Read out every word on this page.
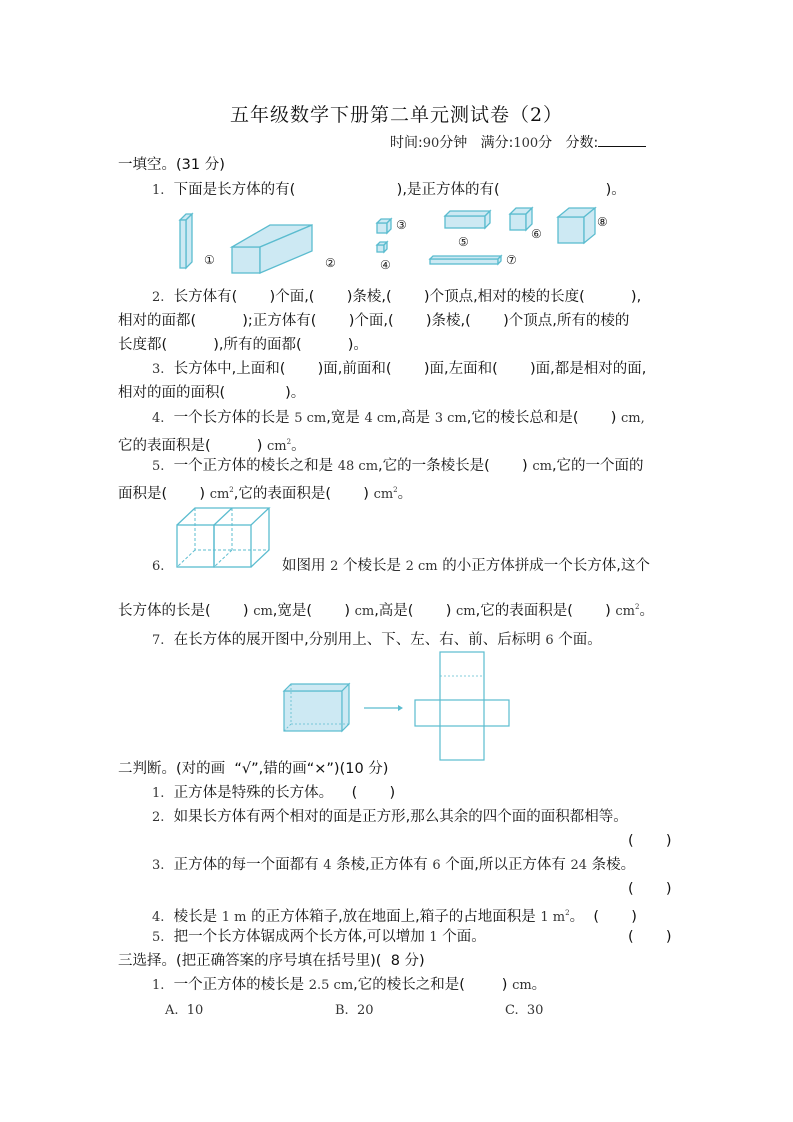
五年级数学下册第二单元测试卷（2）
时间:90分钟 满分:100分 分数:
一填空。(31 分)
1. 下面是长方体的有(                      ),是正方体的有(                       )。
①	②
③
④
⑤
⑥
⑦
⑧
2. 长方体有(       )个面,(       )条棱,(       )个顶点,相对的棱的长度(          ),
相对的面都(          );正方体有(       )个面,(       )条棱,(       )个顶点,所有的棱的
长度都(          ),所有的面都(          )。
3. 长方体中,上面和(       )面,前面和(       )面,左面和(       )面,都是相对的面,
相对的面的面积(             )。
4. 一个长方体的长是 5 cm,宽是 4 cm,高是 3 cm,它的棱长总和是(       ) cm,
它的表面积是(          ) $cm^2$。
5. 一个正方体的棱长之和是 48 cm,它的一条棱长是(       ) cm,它的一个面的
面积是(       ) $cm^2$,它的表面积是(       ) $cm^2$。
6.	如图用 2 个棱长是 2 cm 的小正方体拼成一个长方体,这个
长方体的长是(       ) cm,宽是(       ) cm,高是(       ) cm,它的表面积是(       ) $cm^2$。
7. 在长方体的展开图中,分别用上、下、左、右、前、后标明 6 个面。
二判断。(对的画  “√”,错的画“×”)(10 分)
1. 正方体是特殊的长方体。 (       )
2. 如果长方体有两个相对的面是正方形,那么其余的四个面的面积都相等。
(       )
3. 正方体的每一个面都有 4 条棱,正方体有 6 个面,所以正方体有 24 条棱。
(       )
4. 棱长是 1 m 的正方体箱子,放在地面上,箱子的占地面积是 1 $m^2$。 (       )
5. 把一个长方体锯成两个长方体,可以增加 1 个面。	(       )
三选择。(把正确答案的序号填在括号里)(  8 分)
1. 一个正方体的棱长是 2.5 cm,它的棱长之和是(        ) cm。
A.  10	B.  20	C.  30
